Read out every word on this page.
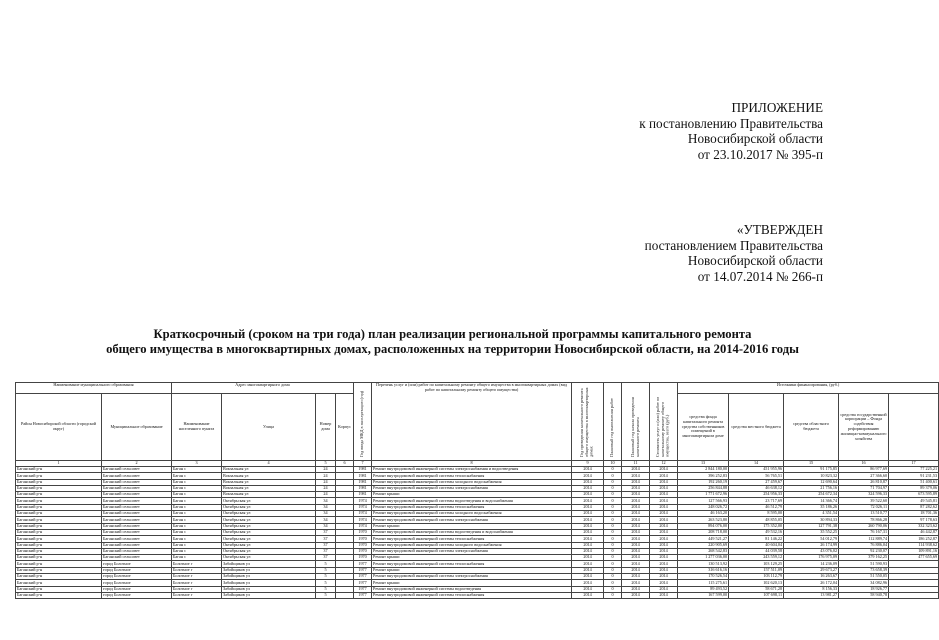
ПРИЛОЖЕНИЕ
к постановлению Правительства
Новосибирской области
от 23.10.2017 № 395-п
«УТВЕРЖДЕН
постановлением Правительства
Новосибирской области
от 14.07.2014 № 266-п
Краткосрочный (сроком на три года) план реализации региональной программы капитального ремонта
общего имущества в многоквартирных домах, расположенных на территории Новосибирской области, на 2014-2016 годы
Наименование муниципального образования		Адрес многоквартирного дома				Год ввода МКД в эксплуатацию (год)	Перечень услуг и (или) работ по капитальному ремонту общего имущества в многоквартирных домах (вид работ по капитальному ремонту общего имущества)	Год проведения капитального ремонта общего имущества в многоквартирных домах	Плановый год выполнения работ	Плановый год начала проведения капитального ремонта	Стоимость услуг и (или) работ по капитальному ремонту общего имущества, всего (руб.)	Источники финансирования, (руб.)				
Район Новосибирской области (городской округ)	Муниципальное образование	Наименование населенного пункта	Улица	Номер дома	Корпус							средства фонда капитального ремонта средства собственников помещений в многоквартирном доме	средства местного бюджета	средства областного бюджета	средства государственной корпорации – Фонда содействия реформированию жилищно-коммунального хозяйства	
1	2	3	4	5	6	7	8	9	10	11	12	13	14	15	16	17
Баганский р-н	Баганский сельсовет	Баган с	Вокзальная ул	24		1981	Ремонт внутридомовой инженерной системы электроснабжения и водоотведения	2014	0	2014	2014	2 844 180,00	451 955,96	91 175,85	86 977,69	77 225,21
Баганский р-н	Баганский сельсовет	Баган с	Вокзальная ул	24		1981	Ремонт внутридомовой инженерной системы теплоснабжения	2014	0	2014	2014	396 252,83	56 765,51	10 823,32	27 366,60	91 231,53
Баганский р-н	Баганский сельсовет	Баган с	Вокзальная ул	24		1981	Ремонт внутридомовой инженерной системы холодного водоснабжения	2014	0	2014	2014	192 260,19	27 459,67	12 690,64	26 810,87	51 400,61
Баганский р-н	Баганский сельсовет	Баган с	Вокзальная ул	24		1981	Ремонт внутридомовой инженерной системы электроснабжения	2014	0	2014	2014	256 844,88	46 638,12	21 756,16	71 704,97	89 379,06
Баганский р-н	Баганский сельсовет	Баган с	Вокзальная ул	24		1981	Ремонт крыши	2014	0	2014	2014	1 771 672,96	254 956,33	254 672,34	324 596,33	673 595,89
Баганский р-н	Баганский сельсовет	Баган с	Октябрьская ул	34		1974	Ремонт внутридомовой инженерной системы водоотведения и водоснабжения	2014	0	2014	2014	127 566,93	23 717,69	14 366,74	39 522,60	49 545,81
Баганский р-н	Баганский сельсовет	Баган с	Октябрьская ул	34		1974	Ремонт внутридомовой инженерной системы теплоснабжения	2014	0	2014	2014	248 026,72	46 512,79	35 186,26	72 026,11	87 282,62
Баганский р-н	Баганский сельсовет	Баган с	Октябрьская ул	34		1974	Ремонт внутридомовой инженерной системы холодного водоснабжения	2014	0	2014	2014	46 163,20	8 595,00	4 351,54	13 510,77	18 701,36
Баганский р-н	Баганский сельсовет	Баган с	Октябрьская ул	34		1974	Ремонт внутридомовой инженерной системы электроснабжения	2014	0	2014	2014	263 523,80	48 855,05	30 894,33	78 866,28	97 178,63
Баганский р-н	Баганский сельсовет	Баган с	Октябрьская ул	34		1974	Ремонт крыши	2014	0	2014	2014	894 076,00	175 352,00	127 791,38	260 790,06	332 323,62
Баганский р-н	Баганский сельсовет	Баган с	Октябрьская ул	37		1970	Ремонт внутридомовой инженерной системы водоотведения и водоснабжения	2014	0	2014	2014	208 718,00	49 532,16	35 552,25	76 167,31	46 442,87
Баганский р-н	Баганский сельсовет	Баган с	Октябрьская ул	37		1970	Ремонт внутридомовой инженерной системы теплоснабжения	2014	0	2014	2014	449 521,27	81 146,22	54 012,79	112 889,74	186 252,87
Баганский р-н	Баганский сельсовет	Баган с	Октябрьская ул	37		1970	Ремонт внутридомовой инженерной системы холодного водоснабжения	2014	0	2014	2014	220 905,69	40 604,04	26 174,99	76 886,04	114 938,62
Баганский р-н	Баганский сельсовет	Баган с	Октябрьская ул	37		1970	Ремонт внутридомовой инженерной системы электроснабжения	2014	0	2014	2014	268 542,83	44 039,58	43 076,02	92 230,07	109 891,16
Баганский р-н	Баганский сельсовет	Баган с	Октябрьская ул	37		1970	Ремонт крыши	2014	0	2014	2014	1 277 036,00	243 559,12	176 975,09	379 162,25	477 655,69
Баганский р-н	город Болотное	Болотное г	Забойщиков ул	5		1977	Ремонт внутридомовой инженерной системы теплоснабжения	2014	0	2014	2014	130 513,92	103 129,25	14 236,09	51 590,93	
Баганский р-н	город Болотное	Болотное г	Забойщиков ул	5		1977	Ремонт крыши	2014	0	2014	2014	316 616,16	157 511,09	29 673,27	73 658,39	
Баганский р-н	город Болотное	Болотное г	Забойщиков ул	5		1977	Ремонт внутридомовой инженерной системы электроснабжения	2014	0	2014	2014	170 526,54	103 112,79	16 263,67	51 550,05	
Баганский р-н	город Болотное	Болотное г	Забойщиков ул	5		1977	Ремонт крыши	2014	0	2014	2014	115 275,61	102 620,13	26 172,04	34 082,96	
Баганский р-н	город Болотное	Болотное г	Забойщиков ул	5		1977	Ремонт внутридомовой инженерной системы водоотведения	2014	0	2014	2014	89 493,52	58 671,28	8 156,33	18 926,77	
Баганский р-н	город Болотное	Болотное г	Забойщиков ул	5		1977	Ремонт внутридомовой инженерной системы теплоснабжения	2014	0	2014	2014	167 599,00	107 698,11	13 981,27	58 940,78	
